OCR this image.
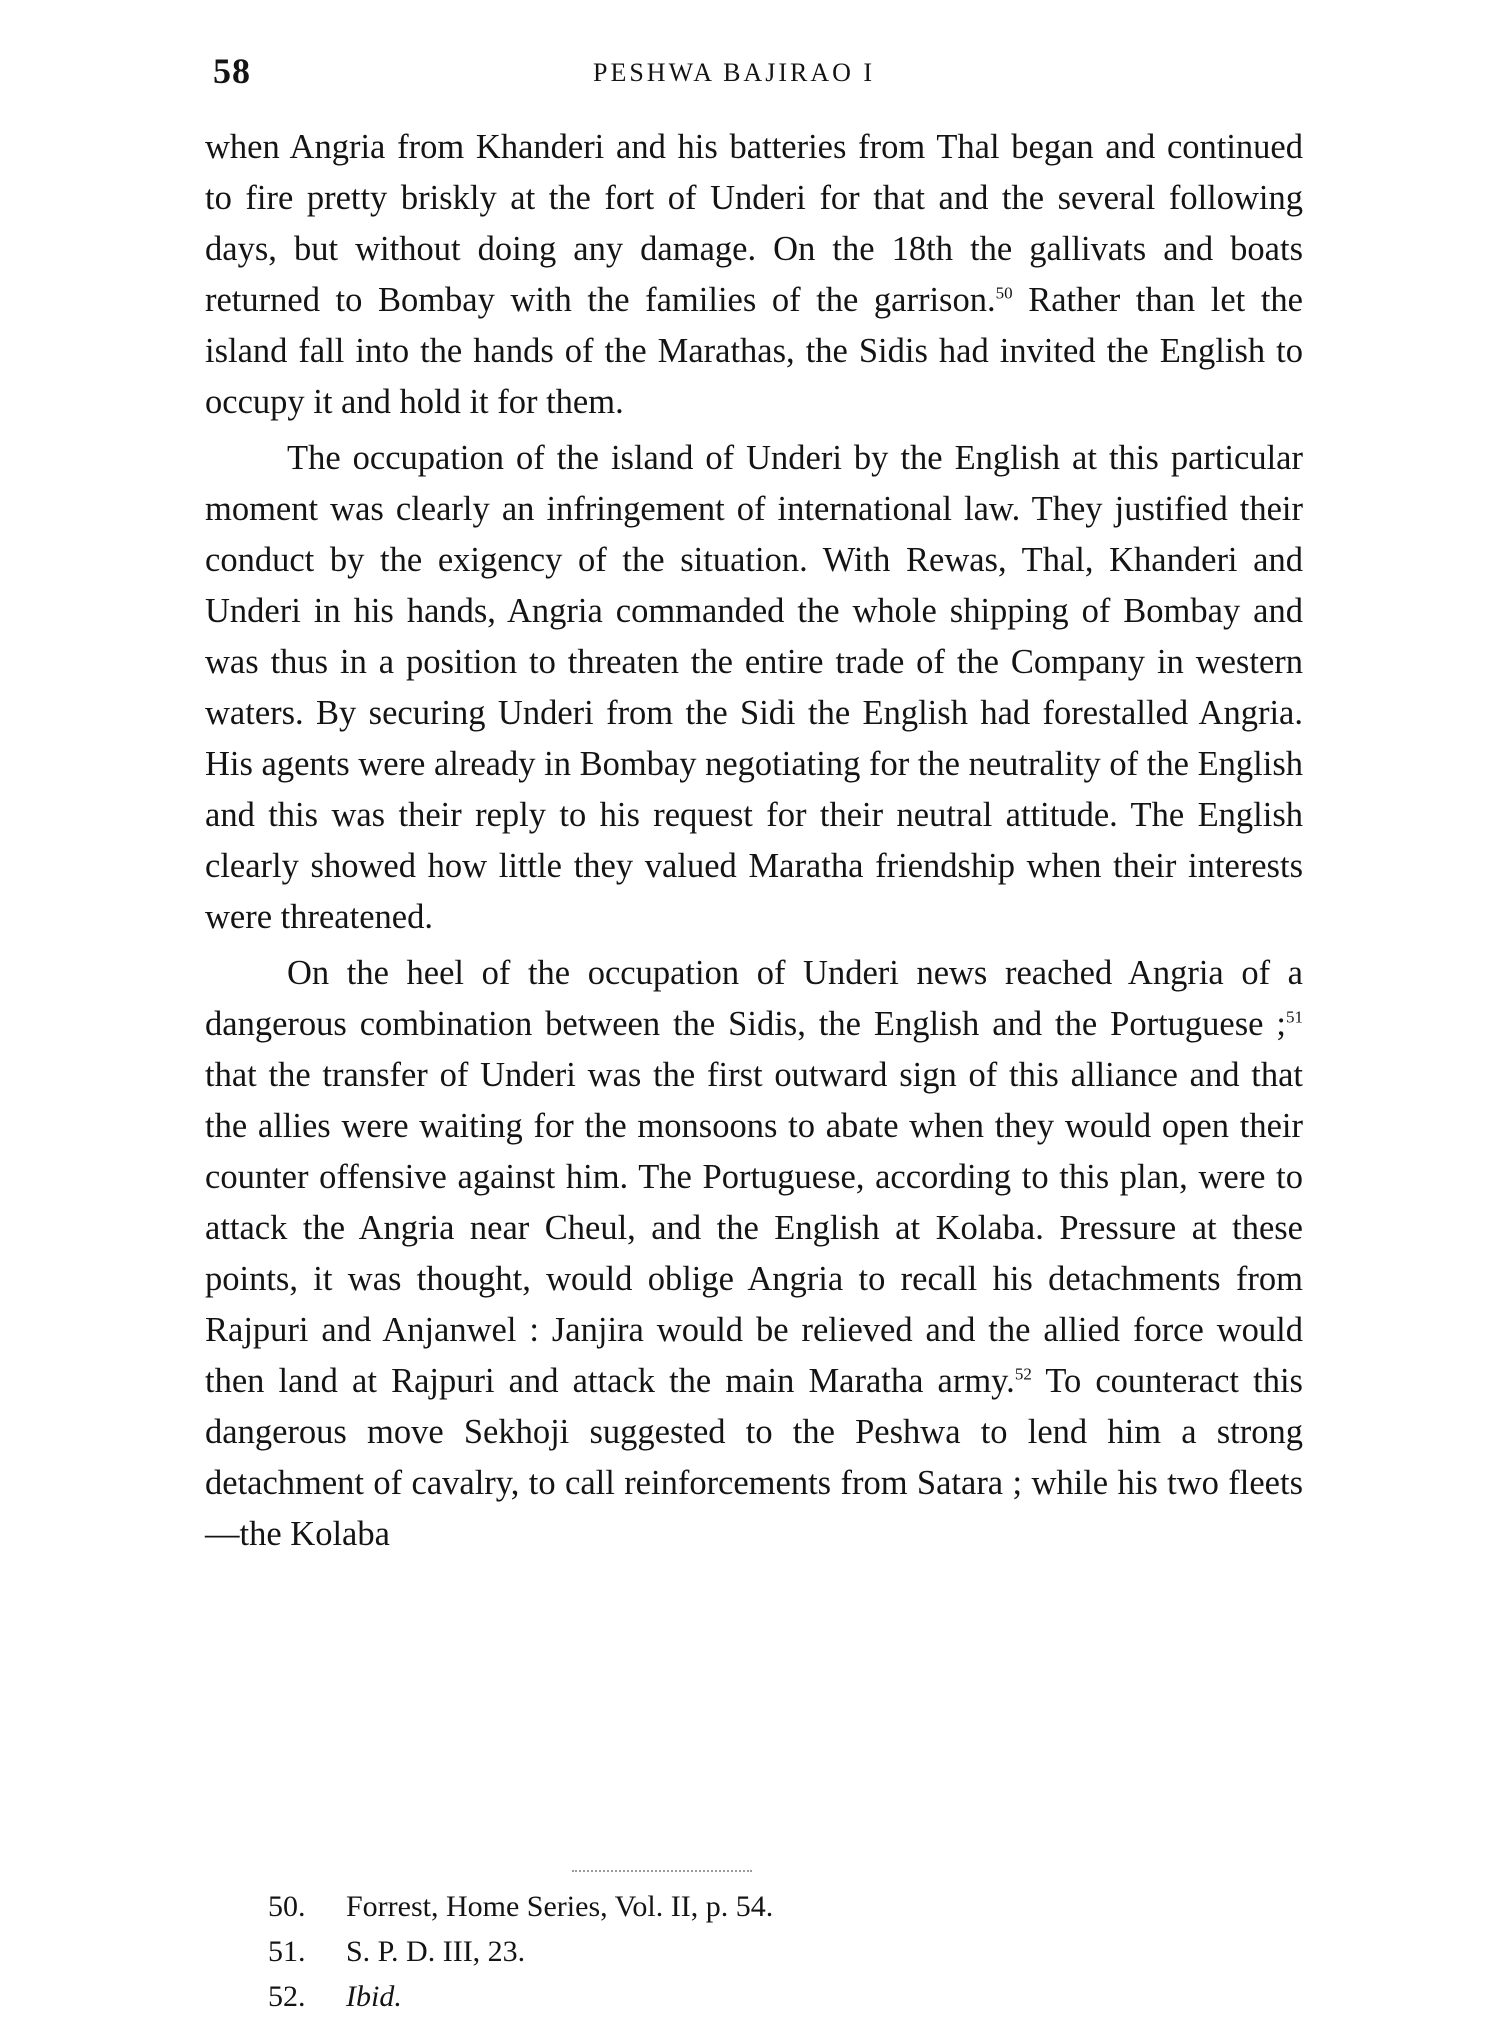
58	PESHWA BAJIRAO I

when Angria from Khanderi and his batteries from Thal began and continued to fire pretty briskly at the fort of Underi for that and the several following days, but without doing any damage. On the 18th the gallivats and boats returned to Bombay with the families of the garrison.$^{50}$ Rather than let the island fall into the hands of the Marathas, the Sidis had invited the English to occupy it and hold it for them.

The occupation of the island of Underi by the English at this particular moment was clearly an infringement of international law. They justified their conduct by the exigency of the situation. With Rewas, Thal, Khanderi and Underi in his hands, Angria commanded the whole shipping of Bombay and was thus in a position to threaten the entire trade of the Company in western waters. By securing Underi from the Sidi the English had forestalled Angria. His agents were already in Bombay negotiating for the neutrality of the English and this was their reply to his request for their neutral attitude. The English clearly showed how little they valued Maratha friendship when their interests were threatened.

On the heel of the occupation of Underi news reached Angria of a dangerous combination between the Sidis, the English and the Portuguese ;$^{51}$ that the transfer of Underi was the first outward sign of this alliance and that the allies were waiting for the monsoons to abate when they would open their counter offensive against him. The Portuguese, according to this plan, were to attack the Angria near Cheul, and the English at Kolaba. Pressure at these points, it was thought, would oblige Angria to recall his detachments from Rajpuri and Anjanwel : Janjira would be relieved and the allied force would then land at Rajpuri and attack the main Maratha army.$^{52}$ To counteract this dangerous move Sekhoji suggested to the Peshwa to lend him a strong detachment of cavalry, to call reinforcements from Satara ; while his two fleets—the Kolaba

50. Forrest, Home Series, Vol. II, p. 54.
51. S. P. D. III, 23.
52. Ibid.
